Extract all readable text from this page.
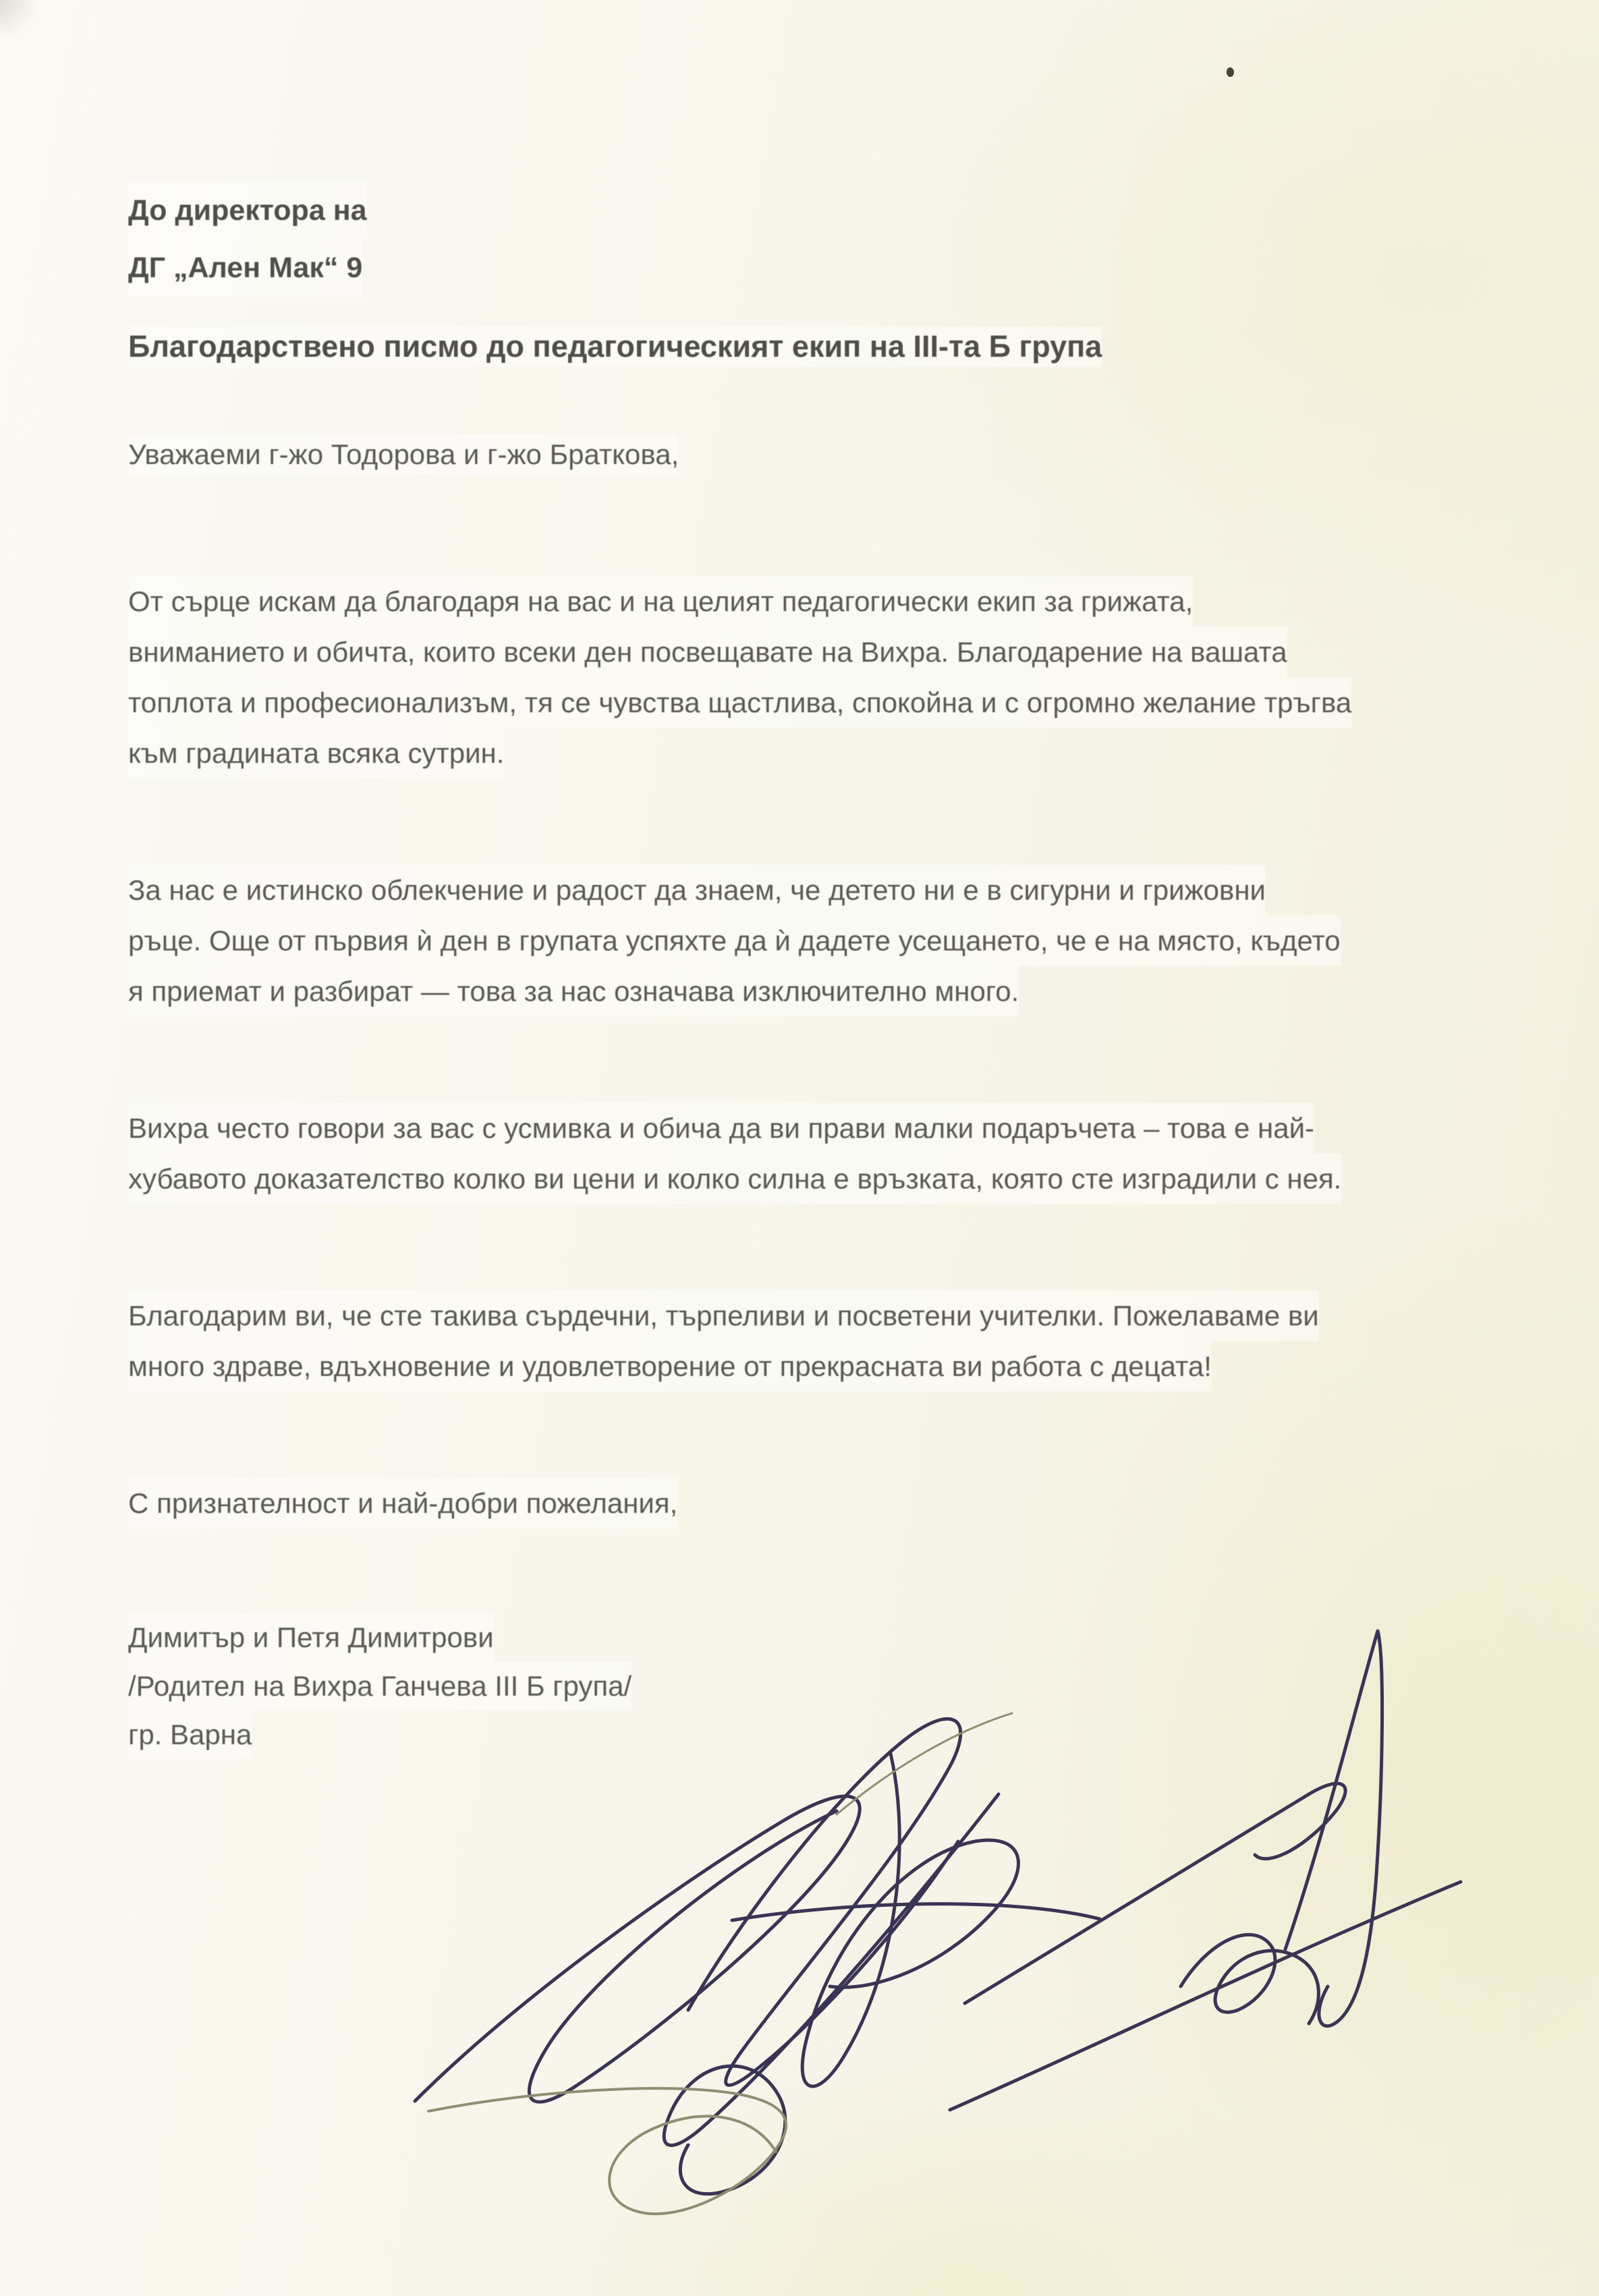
До директора на
ДГ „Ален Мак“ 9
Благодарствено писмо до педагогическият екип на III-та Б група
Уважаеми г-жо Тодорова и г-жо Браткова,
От сърце искам да благодаря на вас и на целият педагогически екип за грижата,
вниманието и обичта, които всеки ден посвещавате на Вихра. Благодарение на вашата
топлота и професионализъм, тя се чувства щастлива, спокойна и с огромно желание тръгва
към градината всяка сутрин.
За нас е истинско облекчение и радост да знаем, че детето ни е в сигурни и грижовни
ръце. Още от първия ѝ ден в групата успяхте да ѝ дадете усещането, че е на място, където
я приемат и разбират — това за нас означава изключително много.
Вихра често говори за вас с усмивка и обича да ви прави малки подаръчета – това е най-
хубавото доказателство колко ви цени и колко силна е връзката, която сте изградили с нея.
Благодарим ви, че сте такива сърдечни, търпеливи и посветени учителки. Пожелаваме ви
много здраве, вдъхновение и удовлетворение от прекрасната ви работа с децата!
С признателност и най-добри пожелания,
Димитър и Петя Димитрови
/Родител на Вихра Ганчева III Б група/
гр. Варна
